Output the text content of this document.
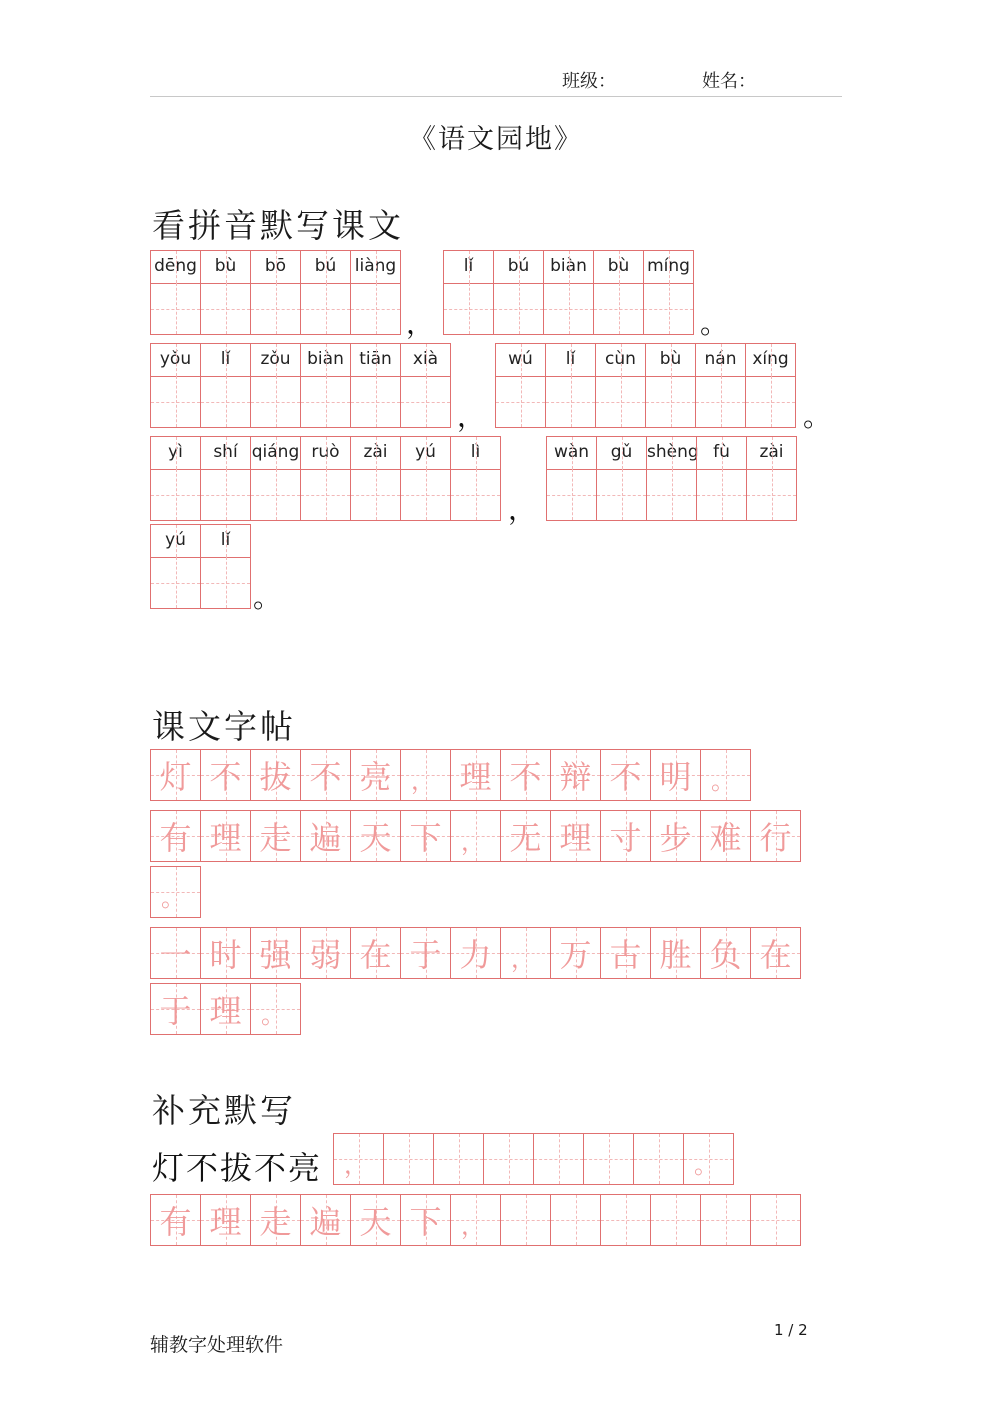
班级：	姓名：
《语文园地》
看拼音默写课文
dēng	bù	bō	bú	liàng
，
lǐ	bú	biàn	bù	míng
。
yǒu	lǐ	zǒu biàn tiān	xià
，
wú	lǐ	cùn	bù	nán xíng
。
yì	shí qiáng ruò	zài	yú	lì
，
wàn	gǔ shèng fù	zài
yú	lǐ
。
课文字帖
灯 不 拔 不 亮 ， 理 不 辩 不 明 。
有 理 走 遍 天 下 ， 无 理 寸 步 难 行
。
一 时 强 弱 在 于 力 ， 万 古 胜 负 在
于 理 。
补充默写
灯不拔不亮 ，	。
有 理 走 遍 天 下 ，
辅教字处理软件
1 / 2
